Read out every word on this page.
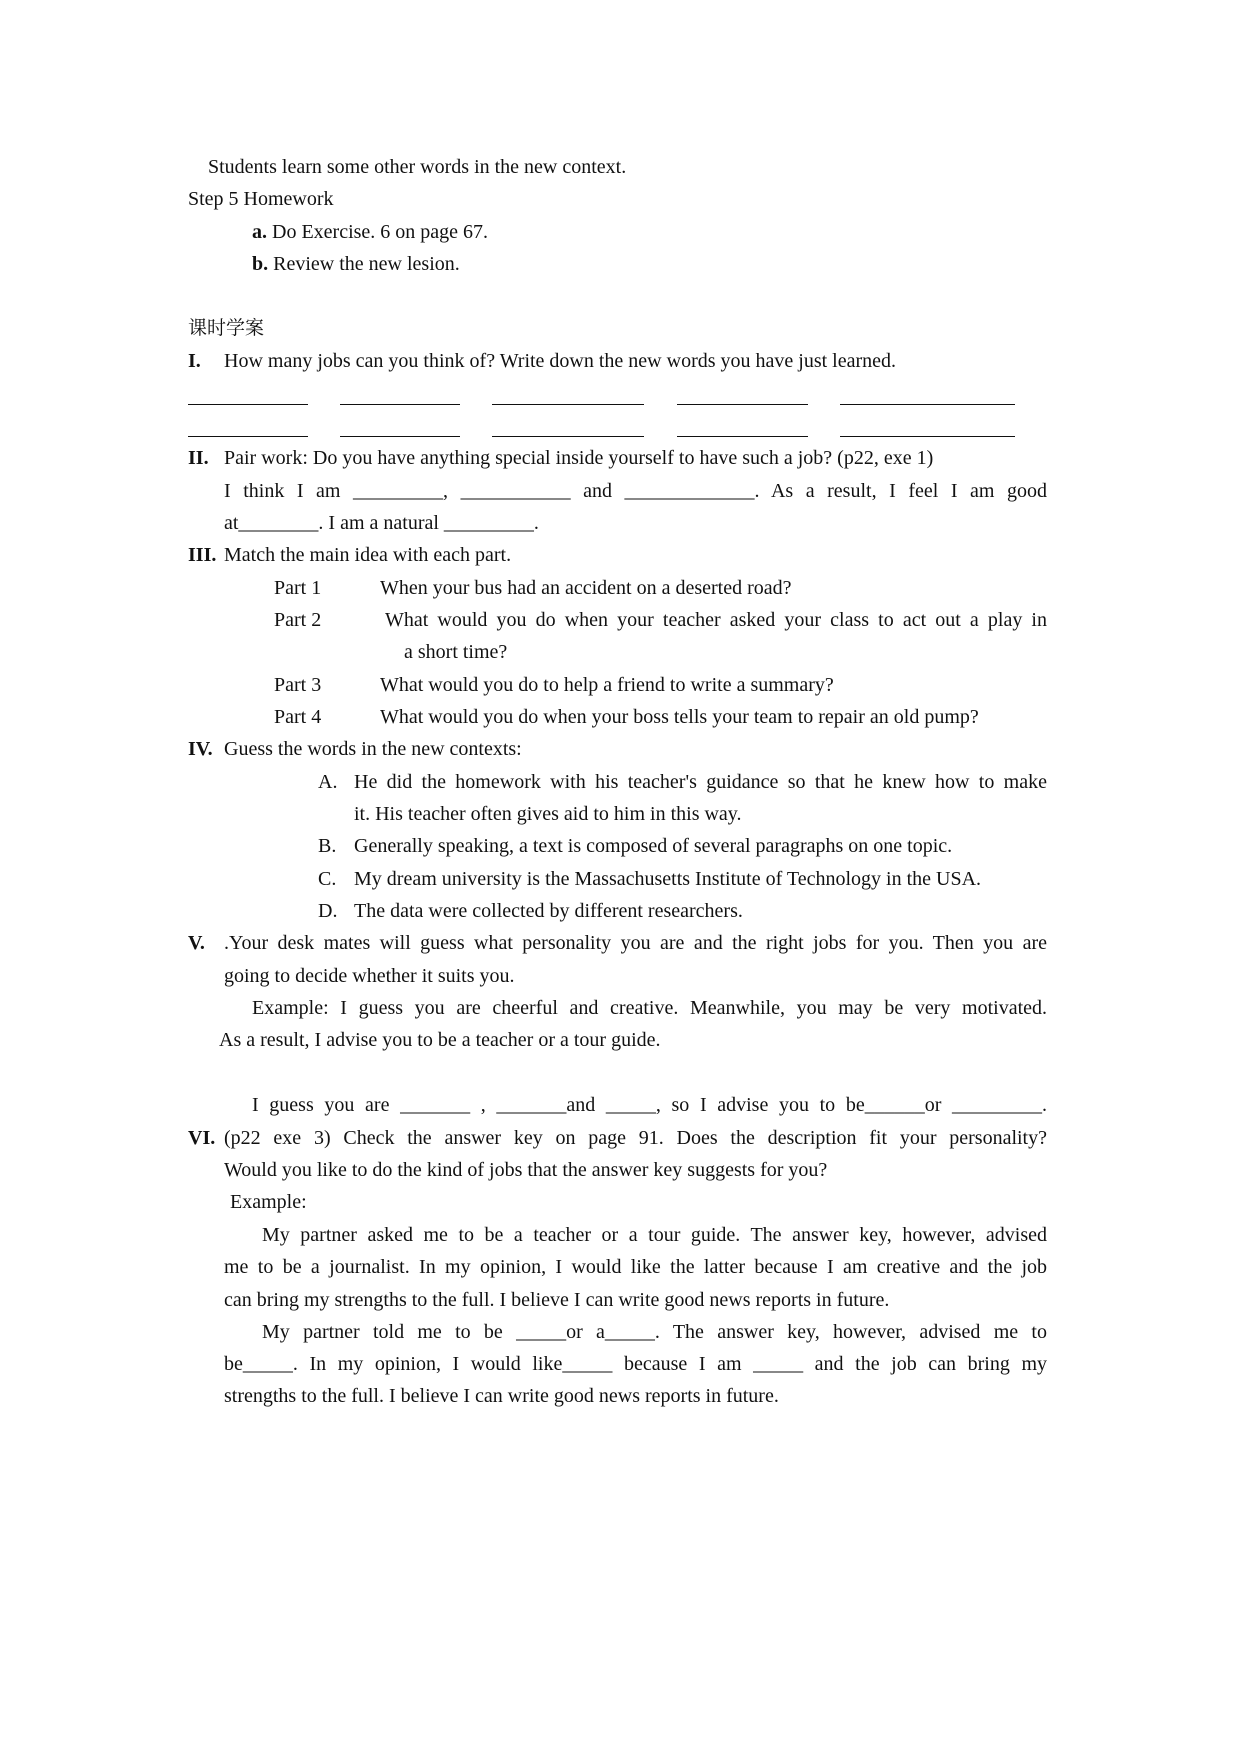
Students learn some other words in the new context.
Step 5 Homework
a. Do Exercise. 6 on page 67.
b. Review the new lesion.
课时学案
I. How many jobs can you think of? Write down the new words you have just learned.
II. Pair work: Do you have anything special inside yourself to have such a job? (p22, exe 1)
I think I am _________, ___________ and _____________. As a result, I feel I am good
at________. I am a natural _________.
III. Match the main idea with each part.
Part 1	When your bus had an accident on a deserted road?
Part 2	What would you do when your teacher asked your class to act out a play in
a short time?
Part 3	What would you do to help a friend to write a summary?
Part 4	What would you do when your boss tells your team to repair an old pump?
IV. Guess the words in the new contexts:
A. He did the homework with his teacher's guidance so that he knew how to make
it. His teacher often gives aid to him in this way.
B. Generally speaking, a text is composed of several paragraphs on one topic.
C. My dream university is the Massachusetts Institute of Technology in the USA.
D. The data were collected by different researchers.
V. .Your desk mates will guess what personality you are and the right jobs for you. Then you are
going to decide whether it suits you.
Example: I guess you are cheerful and creative. Meanwhile, you may be very motivated.
As a result, I advise you to be a teacher or a tour guide.
I guess you are _______ , _______and _____, so I advise you to be______or _________.
VI. (p22 exe 3) Check the answer key on page 91. Does the description fit your personality?
Would you like to do the kind of jobs that the answer key suggests for you?
Example:
My partner asked me to be a teacher or a tour guide. The answer key, however, advised
me to be a journalist. In my opinion, I would like the latter because I am creative and the job
can bring my strengths to the full. I believe I can write good news reports in future.
My partner told me to be _____or a_____. The answer key, however, advised me to
be_____. In my opinion, I would like_____ because I am _____ and the job can bring my
strengths to the full. I believe I can write good news reports in future.
